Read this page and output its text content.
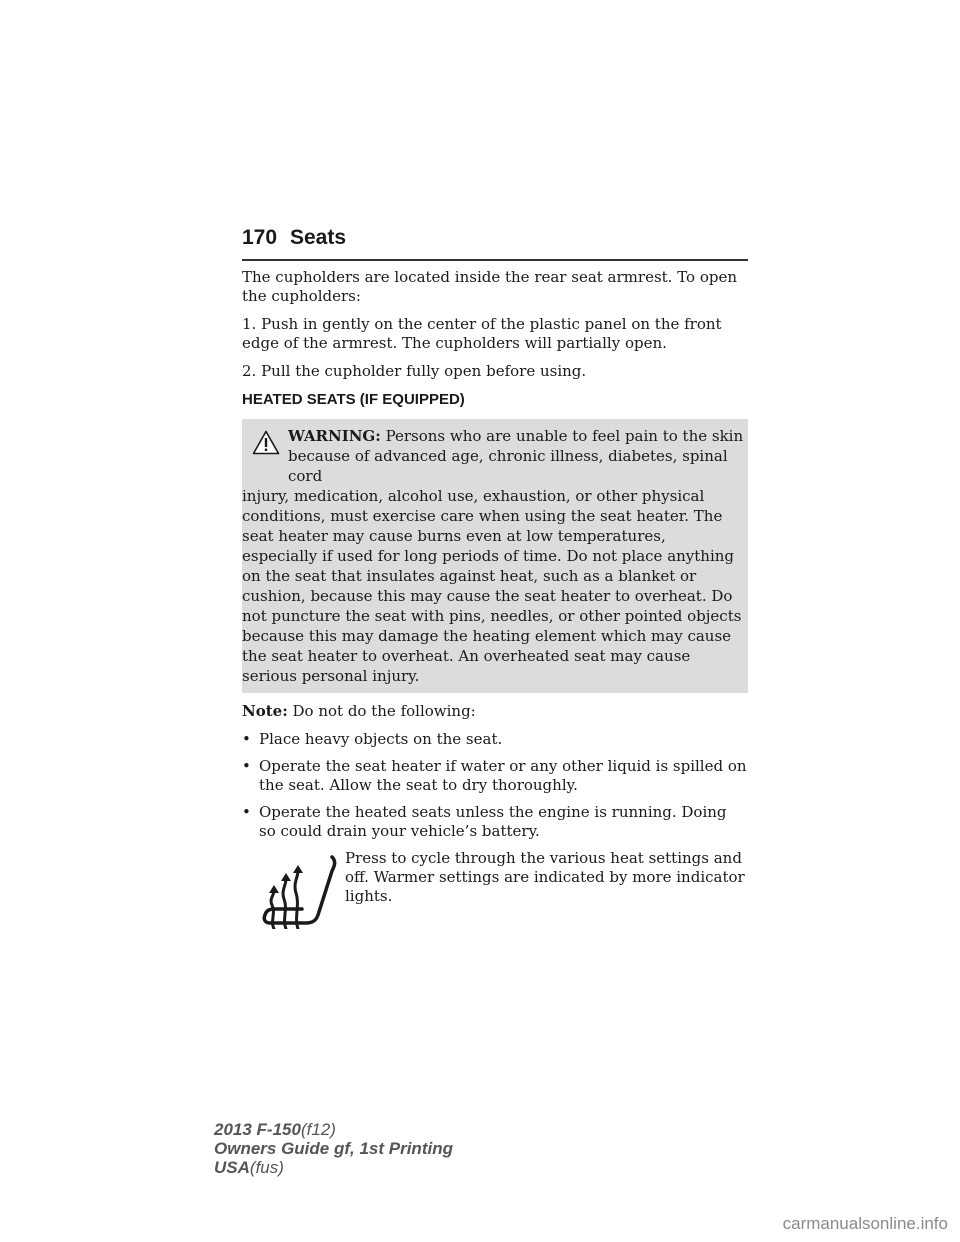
170 Seats

The cupholders are located inside the rear seat armrest. To open the cupholders:

1. Push in gently on the center of the plastic panel on the front edge of the armrest. The cupholders will partially open.

2. Pull the cupholder fully open before using.

HEATED SEATS (IF EQUIPPED)
WARNING: Persons who are unable to feel pain to the skin
because of advanced age, chronic illness, diabetes, spinal cord
injury, medication, alcohol use, exhaustion, or other physical conditions, must exercise care when using the seat heater. The seat heater may cause burns even at low temperatures, especially if used for long periods of time. Do not place anything on the seat that insulates against heat, such as a blanket or cushion, because this may cause the seat heater to overheat. Do not puncture the seat with pins, needles, or other pointed objects because this may damage the heating element which may cause the seat heater to overheat. An overheated seat may cause serious personal injury.

Note: Do not do the following:

• Place heavy objects on the seat.
• Operate the seat heater if water or any other liquid is spilled on the seat. Allow the seat to dry thoroughly.
• Operate the heated seats unless the engine is running. Doing so could drain your vehicle’s battery.
Press to cycle through the various heat settings and off. Warmer settings are indicated by more indicator lights.
2013 F-150(f12)
Owners Guide gf, 1st Printing
USA(fus)
carmanualsonline.info
